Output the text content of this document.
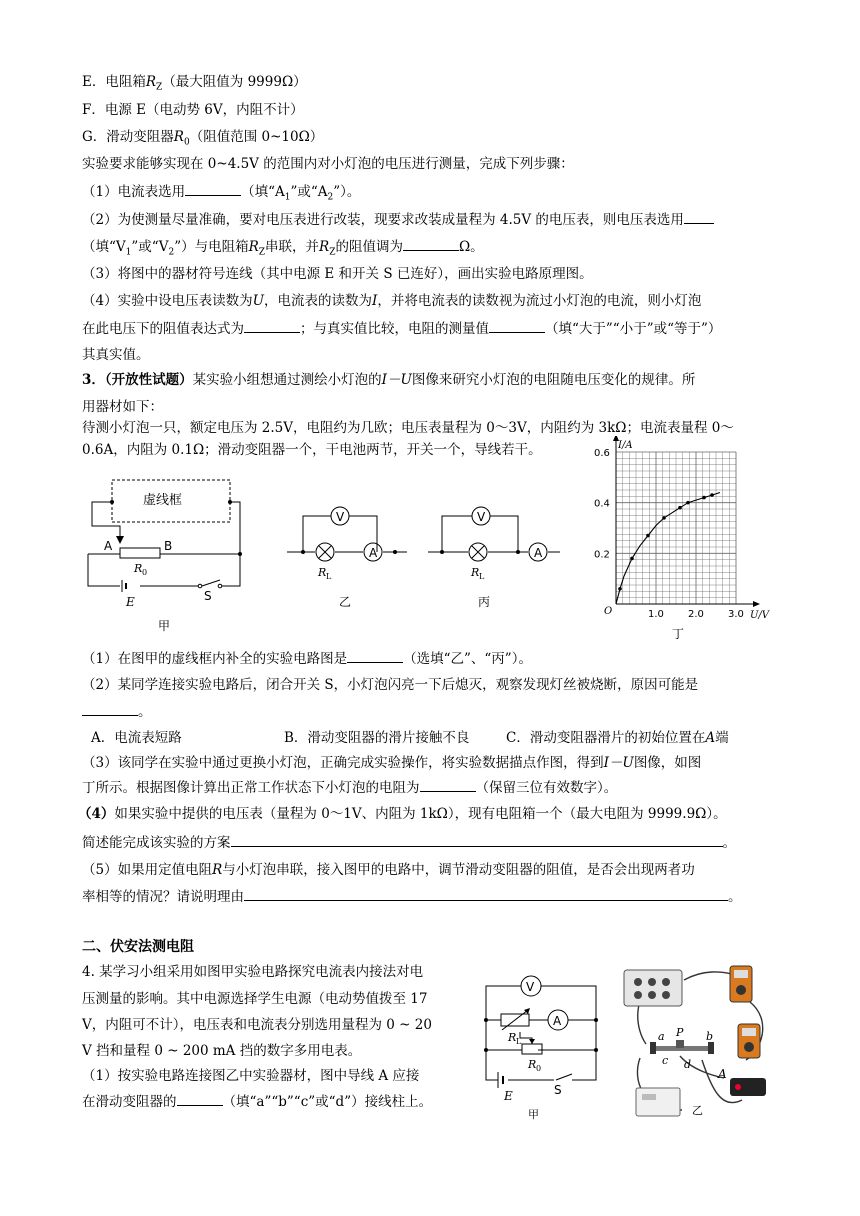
E．电阻箱$R_Z$（最大阻值为 9999Ω）
F．电源 E（电动势 6V，内阻不计）
G．滑动变阻器$R_0$（阻值范围 0~10Ω）
实验要求能够实现在 0~4.5V 的范围内对小灯泡的电压进行测量，完成下列步骤：
（1）电流表选用	（填“$A_1$”或“$A_2$”）。
（2）为使测量尽量准确，要对电压表进行改装，现要求改装成量程为 4.5V 的电压表，则电压表选用
（填“$V_1$”或“$V_2$”）与电阻箱$R_Z$串联，并$R_Z$的阻值调为	Ω。
（3）将图中的器材符号连线（其中电源 E 和开关 S 已连好），画出实验电路原理图。
（4）实验中设电压表读数为U，电流表的读数为I，并将电流表的读数视为流过小灯泡的电流，则小灯泡
在此电压下的阻值表达式为	；与真实值比较，电阻的测量值	（填“大于”“小于”或“等于”）
其真实值。
3．（开放性试题）某实验小组想通过测绘小灯泡的I－U图像来研究小灯泡的电阻随电压变化的规律。所
用器材如下：
待测小灯泡一只，额定电压为 2.5V，电阻约为几欧；电压表量程为 0～3V，内阻约为 3kΩ；电流表量程 0～
0.6A，内阻为 0.1Ω；滑动变阻器一个，干电池两节，开关一个，导线若干。
虚线框
A	B
R 0
E	S
甲
V
A
R L
乙
V
A
R L
丙
1.0 2.0 3.0
0.2
0.4
0.6
I/A
U/V
O
丁
（1）在图甲的虚线框内补全的实验电路图是	（选填“乙”、“丙”）。
（2）某同学连接实验电路后，闭合开关 S，小灯泡闪亮一下后熄灭，观察发现灯丝被烧断，原因可能是
。
A．电流表短路	B．滑动变阻器的滑片接触不良	C．滑动变阻器滑片的初始位置在A端
（3）该同学在实验中通过更换小灯泡，正确完成实验操作，将实验数据描点作图，得到I－U图像，如图
丁所示。根据图像计算出正常工作状态下小灯泡的电阻为	（保留三位有效数字）。
（4）如果实验中提供的电压表（量程为 0～1V、内阻为 1kΩ），现有电阻箱一个（最大电阻为 9999.9Ω）。
简述能完成该实验的方案	。
（5）如果用定值电阻R与小灯泡串联，接入图甲的电路中，调节滑动变阻器的阻值，是否会出现两者功
率相等的情况？请说明理由	。
二、伏安法测电阻
4. 某学习小组采用如图甲实验电路探究电流表内接法对电
压测量的影响。其中电源选择学生电源（电动势值拨至 17
V，内阻可不计），电压表和电流表分别选用量程为 0 ~ 20
V 挡和量程 0 ~ 200 mA 挡的数字多用电表。
（1）按实验电路连接图乙中实验器材，图中导线 A 应接
在滑动变阻器的	（填“a”“b”“c”或“d”）接线柱上。
V
A
R L
R 0
E	S
甲
a P b
c d
A
乙
